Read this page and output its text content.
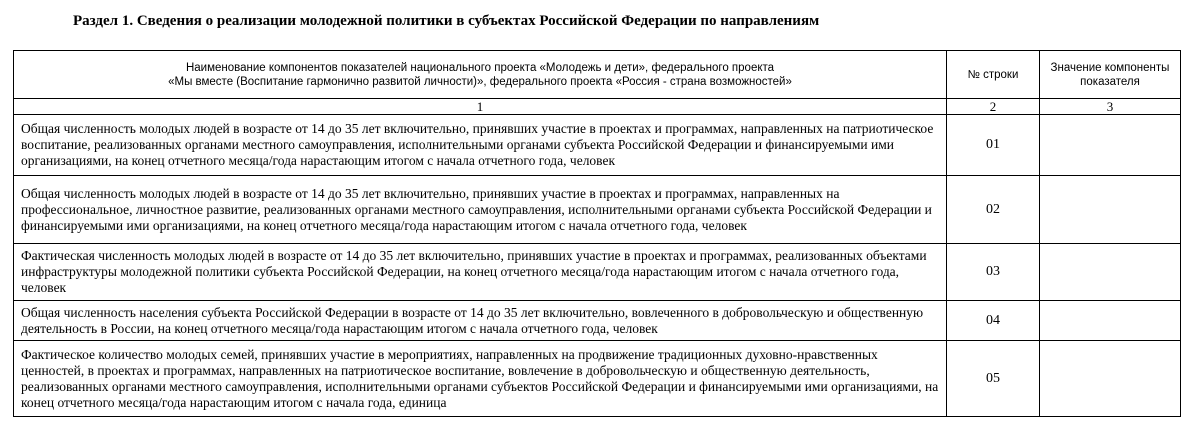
Раздел 1. Сведения о реализации молодежной политики в субъектах Российской Федерации по направлениям
Наименование компонентов показателей национального проекта «Молодежь и дети», федерального проекта
«Мы вместе (Воспитание гармонично развитой личности)», федерального проекта «Россия - страна возможностей»	№ строки	Значение компоненты показателя
1	2	3
Общая численность молодых людей в возрасте от 14 до 35 лет включительно, принявших участие в проектах и программах, направленных на патриотическое воспитание, реализованных органами местного самоуправления, исполнительными органами субъекта Российской Федерации и финансируемыми ими организациями, на конец отчетного месяца/года нарастающим итогом с начала отчетного года, человек	01	
Общая численность молодых людей в возрасте от 14 до 35 лет включительно, принявших участие в проектах и программах, направленных на профессиональное, личностное развитие, реализованных органами местного самоуправления, исполнительными органами субъекта Российской Федерации и финансируемыми ими организациями, на конец отчетного месяца/года нарастающим итогом с начала отчетного года, человек	02	
Фактическая численность молодых людей в возрасте от 14 до 35 лет включительно, принявших участие в проектах и программах, реализованных объектами инфраструктуры молодежной политики субъекта Российской Федерации, на конец отчетного месяца/года нарастающим итогом с начала отчетного года, человек	03	
Общая численность населения субъекта Российской Федерации в возрасте от 14 до 35 лет включительно, вовлеченного в добровольческую и общественную деятельность в России, на конец отчетного месяца/года нарастающим итогом с начала отчетного года, человек	04	
Фактическое количество молодых семей, принявших участие в мероприятиях, направленных на продвижение традиционных духовно-нравственных ценностей, в проектах и программах, направленных на патриотическое воспитание, вовлечение в добровольческую и общественную деятельность, реализованных органами местного самоуправления, исполнительными органами субъектов Российской Федерации и финансируемыми ими организациями, на конец отчетного месяца/года нарастающим итогом с начала года, единица	05	
